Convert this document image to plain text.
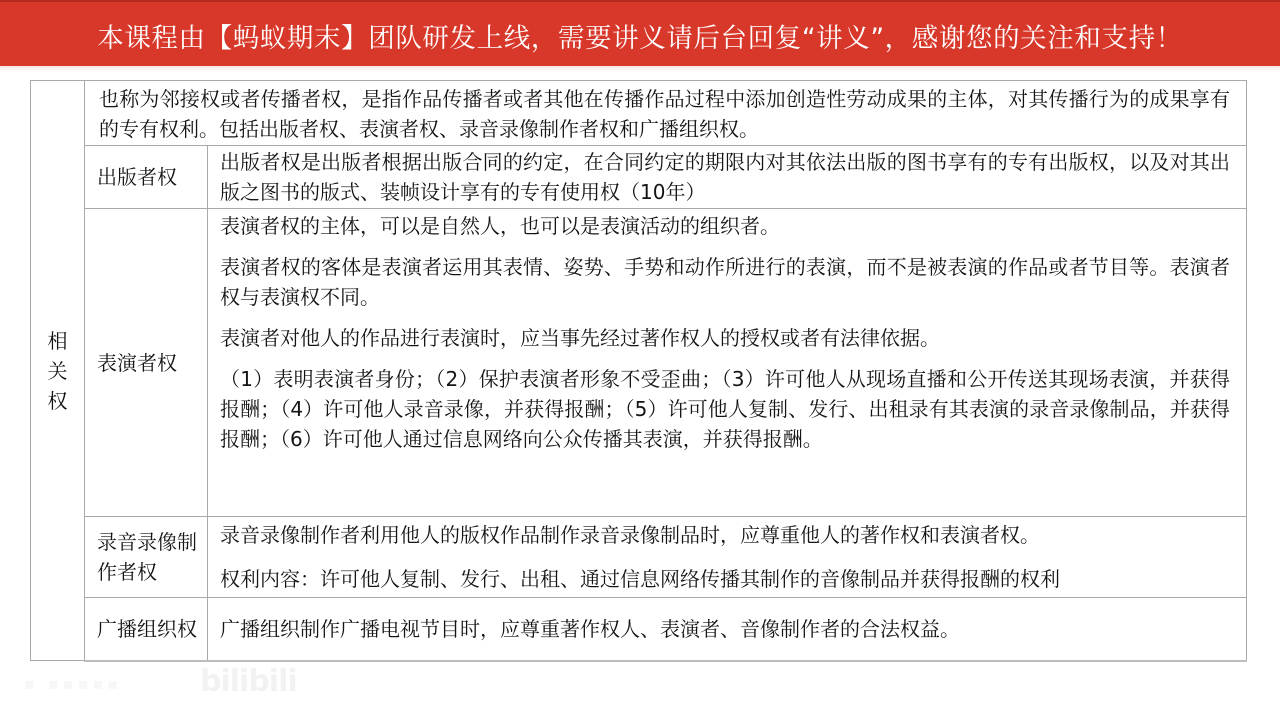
本课程由【蚂蚁期末】团队研发上线，需要讲义请后台回复“讲义”，感谢您的关注和支持！
相关权	也称为邻接权或者传播者权，是指作品传播者或者其他在传播作品过程中添加创造性劳动成果的主体，对其传播行为的成果享有的专有权利。包括出版者权、表演者权、录音录像制作者权和广播组织权。	

	出版者权	出版者权是出版者根据出版合同的约定，在合同约定的期限内对其依法出版的图书享有的专有出版权，以及对其出版之图书的版式、装帧设计享有的专有使用权（10年）

	表演者权	表演者权的主体，可以是自然人，也可以是表演活动的组织者。

表演者权的客体是表演者运用其表情、姿势、手势和动作所进行的表演，而不是被表演的作品或者节目等。表演者权与表演权不同。

表演者对他人的作品进行表演时，应当事先经过著作权人的授权或者有法律依据。

（1）表明表演者身份；（2）保护表演者形象不受歪曲；（3）许可他人从现场直播和公开传送其现场表演，并获得报酬；（4）许可他人录音录像，并获得报酬；（5）许可他人复制、发行、出租录有其表演的录音录像制品，并获得报酬；（6）许可他人通过信息网络向公众传播其表演，并获得报酬。

	录音录像制作者权	录音录像制作者利用他人的版权作品制作录音录像制品时，应尊重他人的著作权和表演者权。

权利内容：许可他人复制、发行、出租、通过信息网络传播其制作的音像制品并获得报酬的权利

	广播组织权	广播组织制作广播电视节目时，应尊重著作权人、表演者、音像制作者的合法权益。

▪ ▪▪▪▪▪	bilibili
